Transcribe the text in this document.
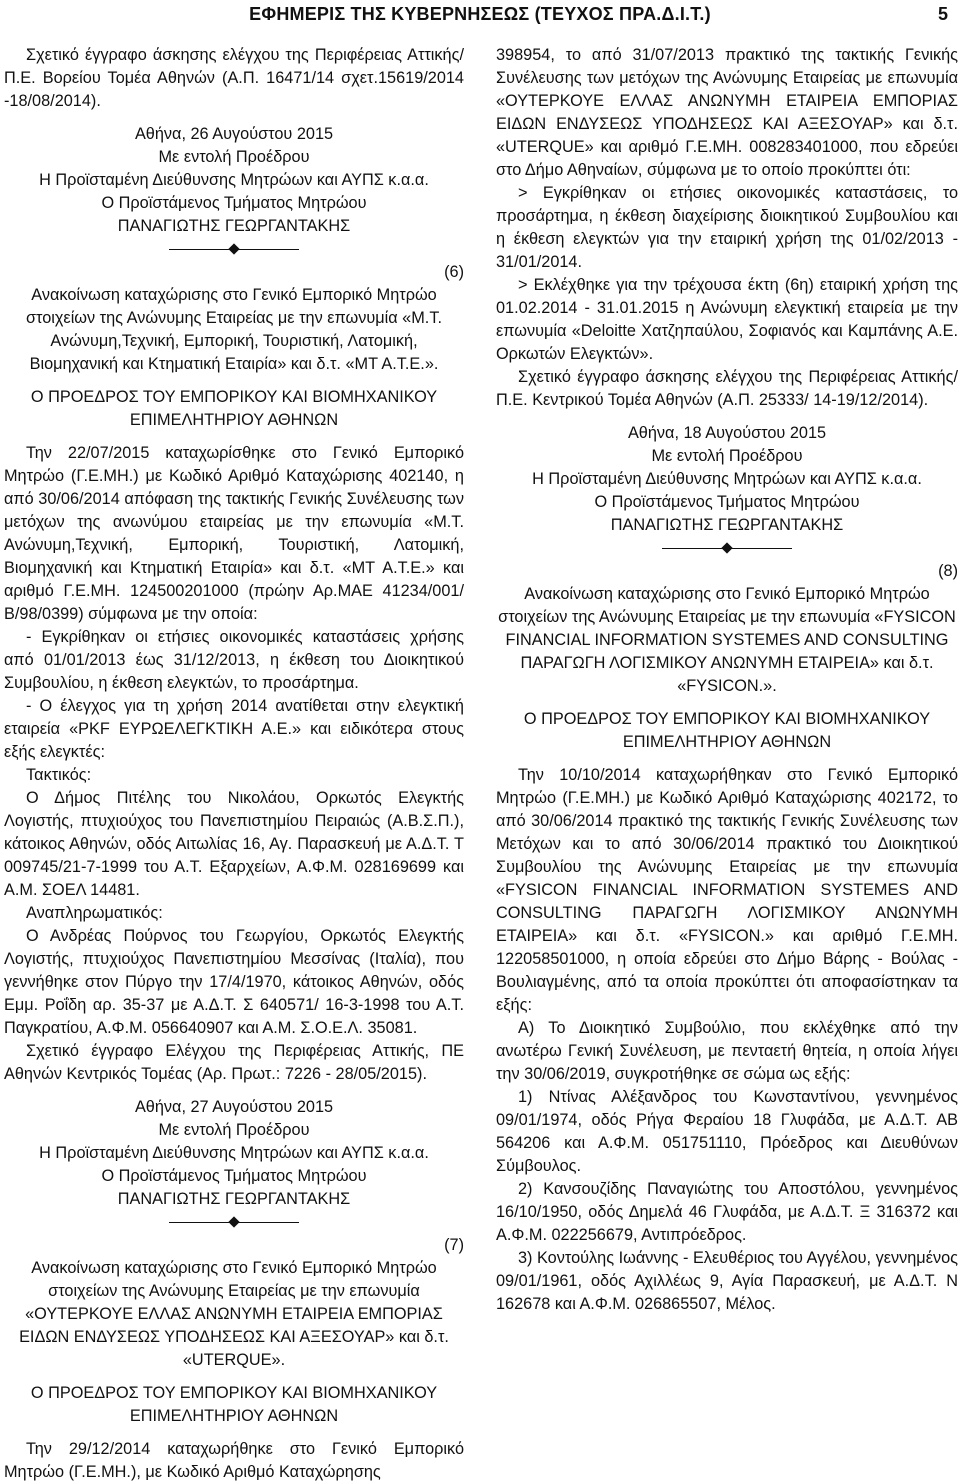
ΕΦΗΜΕΡΙΣ ΤΗΣ ΚΥΒΕΡΝΗΣΕΩΣ (ΤΕΥΧΟΣ ΠΡΑ.Δ.Ι.Τ.)	5

Σχετικό έγγραφο άσκησης ελέγχου της Περιφέρειας Αττικής/ Π.Ε. Βορείου Τομέα Αθηνών (Α.Π. 16471/14 σχετ.15619/2014 -18/08/2014).

Αθήνα, 26 Αυγούστου 2015

Με εντολή Προέδρου

Η Προϊσταμένη Διεύθυνσης Μητρώων και ΑΥΠΣ κ.α.α.

Ο Προϊστάμενος Τμήματος Μητρώου

ΠΑΝΑΓΙΩΤΗΣ ΓΕΩΡΓΑΝΤΑΚΗΣ

(6)

Ανακοίνωση καταχώρισης στο Γενικό Εμπορικό Μητρώο στοιχείων της Ανώνυμης Εταιρείας με την επωνυμία «Μ.Τ. Ανώνυμη,Τεχνική, Εμπορική, Τουριστική, Λατομική, Βιομηχανική και Κτηματική Εταιρία» και δ.τ. «ΜΤ Α.Τ.Ε.».

Ο ΠΡΟΕΔΡΟΣ ΤΟΥ ΕΜΠΟΡΙΚΟΥ ΚΑΙ ΒΙΟΜΗΧΑΝΙΚΟΥ

ΕΠΙΜΕΛΗΤΗΡΙΟΥ ΑΘΗΝΩΝ

Την 22/07/2015 καταχωρίσθηκε στο Γενικό Εμπορικό Μητρώο (Γ.Ε.ΜΗ.) με Κωδικό Αριθμό Καταχώρισης 402140, η από 30/06/2014 απόφαση της τακτικής Γενικής Συνέλευσης των μετόχων της ανωνύμου εταιρείας με την επωνυμία «Μ.Τ. Ανώνυμη,Τεχνική, Εμπορική, Τουριστική, Λατομική, Βιομηχανική και Κτηματική Εταιρία» και δ.τ. «ΜΤ Α.Τ.Ε.» και αριθμό Γ.Ε.ΜΗ. 124500201000 (πρώην Αρ.ΜΑΕ 41234/001/Β/98/0399) σύμφωνα με την οποία:

- Εγκρίθηκαν οι ετήσιες οικονομικές καταστάσεις χρήσης από 01/01/2013 έως 31/12/2013, η έκθεση του Διοικητικού Συμβουλίου, η έκθεση ελεγκτών, το προσάρτημα.

- Ο έλεγχος για τη χρήση 2014 ανατίθεται στην ελεγκτική εταιρεία «PKF ΕΥΡΩΕΛΕΓΚΤΙΚΗ Α.Ε.» και ειδικότερα στους εξής ελεγκτές:

Τακτικός:

Ο Δήμος Πιτέλης του Νικολάου, Ορκωτός Ελεγκτής Λογιστής, πτυχιούχος του Πανεπιστημίου Πειραιώς (Α.Β.Σ.Π.), κάτοικος Αθηνών, οδός Αιτωλίας 16, Αγ. Παρασκευή με Α.Δ.Τ. Τ 009745/21-7-1999 του Α.Τ. Εξαρχείων, Α.Φ.Μ. 028169699 και Α.Μ. ΣΟΕΛ 14481.

Αναπληρωματικός:

Ο Ανδρέας Πούρνος του Γεωργίου, Ορκωτός Ελεγκτής Λογιστής, πτυχιούχος Πανεπιστημίου Μεσσίνας (Ιταλία), που γεννήθηκε στον Πύργο την 17/4/1970, κάτοικος Αθηνών, οδός Εμμ. Ροΐδη αρ. 35-37 με Α.Δ.Τ. Σ 640571/ 16-3-1998 του Α.Τ. Παγκρατίου, Α.Φ.Μ. 056640907 και Α.Μ. Σ.Ο.Ε.Λ. 35081.

Σχετικό έγγραφο Ελέγχου της Περιφέρειας Αττικής, ΠΕ Αθηνών Κεντρικός Τομέας (Αρ. Πρωτ.: 7226 - 28/05/2015).

Αθήνα, 27 Αυγούστου 2015

Με εντολή Προέδρου

Η Προϊσταμένη Διεύθυνσης Μητρώων και ΑΥΠΣ κ.α.α.

Ο Προϊστάμενος Τμήματος Μητρώου

ΠΑΝΑΓΙΩΤΗΣ ΓΕΩΡΓΑΝΤΑΚΗΣ

(7)

Ανακοίνωση καταχώρισης στο Γενικό Εμπορικό Μητρώο στοιχείων της Ανώνυμης Εταιρείας με την επωνυμία «ΟΥΤΕΡΚΟΥΕ ΕΛΛΑΣ ΑΝΩΝΥΜΗ ΕΤΑΙΡΕΙΑ ΕΜΠΟΡΙΑΣ ΕΙΔΩΝ ΕΝΔΥΣΕΩΣ ΥΠΟΔΗΣΕΩΣ ΚΑΙ ΑΞΕΣΟΥΑΡ» και δ.τ. «UTERQUE».

Ο ΠΡΟΕΔΡΟΣ ΤΟΥ ΕΜΠΟΡΙΚΟΥ ΚΑΙ ΒΙΟΜΗΧΑΝΙΚΟΥ

ΕΠΙΜΕΛΗΤΗΡΙΟΥ ΑΘΗΝΩΝ

Την 29/12/2014 καταχωρήθηκε στο Γενικό Εμπορικό Μητρώο (Γ.Ε.ΜΗ.), με Κωδικό Αριθμό Καταχώρησης

398954, το από 31/07/2013 πρακτικό της τακτικής Γενικής Συνέλευσης των μετόχων της Ανώνυμης Εταιρείας με επωνυμία «ΟΥΤΕΡΚΟΥΕ ΕΛΛΑΣ ΑΝΩΝΥΜΗ ΕΤΑΙΡΕΙΑ ΕΜΠΟΡΙΑΣ ΕΙΔΩΝ ΕΝΔΥΣΕΩΣ ΥΠΟΔΗΣΕΩΣ ΚΑΙ ΑΞΕΣΟΥΑΡ» και δ.τ. «UTERQUE» και αριθμό Γ.Ε.ΜΗ. 008283401000, που εδρεύει στο Δήμο Αθηναίων, σύμφωνα με το οποίο προκύπτει ότι:

> Εγκρίθηκαν οι ετήσιες οικονομικές καταστάσεις, το προσάρτημα, η έκθεση διαχείρισης διοικητικού Συμβουλίου και η έκθεση ελεγκτών για την εταιρική χρήση της 01/02/2013 - 31/01/2014.

> Εκλέχθηκε για την τρέχουσα έκτη (6η) εταιρική χρήση της 01.02.2014 - 31.01.2015 η Ανώνυμη ελεγκτική εταιρεία με την επωνυμία «Deloitte Χατζηπαύλου, Σοφιανός και Καμπάνης Α.Ε. Ορκωτών Ελεγκτών».

Σχετικό έγγραφο άσκησης ελέγχου της Περιφέρειας Αττικής/ Π.Ε. Κεντρικού Τομέα Αθηνών (Α.Π. 25333/ 14-19/12/2014).

Αθήνα, 18 Αυγούστου 2015

Με εντολή Προέδρου

Η Προϊσταμένη Διεύθυνσης Μητρώων και ΑΥΠΣ κ.α.α.

Ο Προϊστάμενος Τμήματος Μητρώου

ΠΑΝΑΓΙΩΤΗΣ ΓΕΩΡΓΑΝΤΑΚΗΣ

(8)

Ανακοίνωση καταχώρισης στο Γενικό Εμπορικό Μητρώο στοιχείων της Ανώνυμης Εταιρείας με την επωνυμία «FYSICON FINANCIAL INFORMATION SYSTEMES AND CONSULTING ΠΑΡΑΓΩΓΗ ΛΟΓΙΣΜΙΚΟΥ ΑΝΩΝΥΜΗ ΕΤΑΙΡΕΙΑ» και δ.τ. «FYSICON.».

Ο ΠΡΟΕΔΡΟΣ ΤΟΥ ΕΜΠΟΡΙΚΟΥ ΚΑΙ ΒΙΟΜΗΧΑΝΙΚΟΥ

ΕΠΙΜΕΛΗΤΗΡΙΟΥ ΑΘΗΝΩΝ

Την 10/10/2014 καταχωρήθηκαν στο Γενικό Εμπορικό Μητρώο (Γ.Ε.ΜΗ.) με Κωδικό Αριθμό Καταχώρισης 402172, το από 30/06/2014 πρακτικό της τακτικής Γενικής Συνέλευσης των Μετόχων και το από 30/06/2014 πρακτικό του Διοικητικού Συμβουλίου της Ανώνυμης Εταιρείας με την επωνυμία «FYSICON FINANCIAL INFORMATION SYSTEMES AND CONSULTING ΠΑΡΑΓΩΓΗ ΛΟΓΙΣΜΙΚΟΥ ΑΝΩΝΥΜΗ ΕΤΑΙΡΕΙΑ» και δ.τ. «FYSICON.» και αριθμό Γ.Ε.ΜΗ. 122058501000, η οποία εδρεύει στο Δήμο Βάρης - Βούλας - Βουλιαγμένης, από τα οποία προκύπτει ότι αποφασίστηκαν τα εξής:

Α) Το Διοικητικό Συμβούλιο, που εκλέχθηκε από την ανωτέρω Γενική Συνέλευση, με πενταετή θητεία, η οποία λήγει την 30/06/2019, συγκροτήθηκε σε σώμα ως εξής:

1) Ντίνας Αλέξανδρος του Κωνσταντίνου, γεννημένος 09/01/1974, οδός Ρήγα Φεραίου 18 Γλυφάδα, με Α.Δ.Τ. ΑΒ 564206 και Α.Φ.Μ. 051751110, Πρόεδρος και Διευθύνων Σύμβουλος.

2) Κανσουζίδης Παναγιώτης του Αποστόλου, γεννημένος 16/10/1950, οδός Δημελά 46 Γλυφάδα, με Α.Δ.Τ. Ξ 316372 και Α.Φ.Μ. 022256679, Αντιπρόεδρος.

3) Κοντούλης Ιωάννης - Ελευθέριος του Αγγέλου, γεννημένος 09/01/1961, οδός Αχιλλέως 9, Αγία Παρασκευή, με Α.Δ.Τ. Ν 162678 και Α.Φ.Μ. 026865507, Μέλος.
